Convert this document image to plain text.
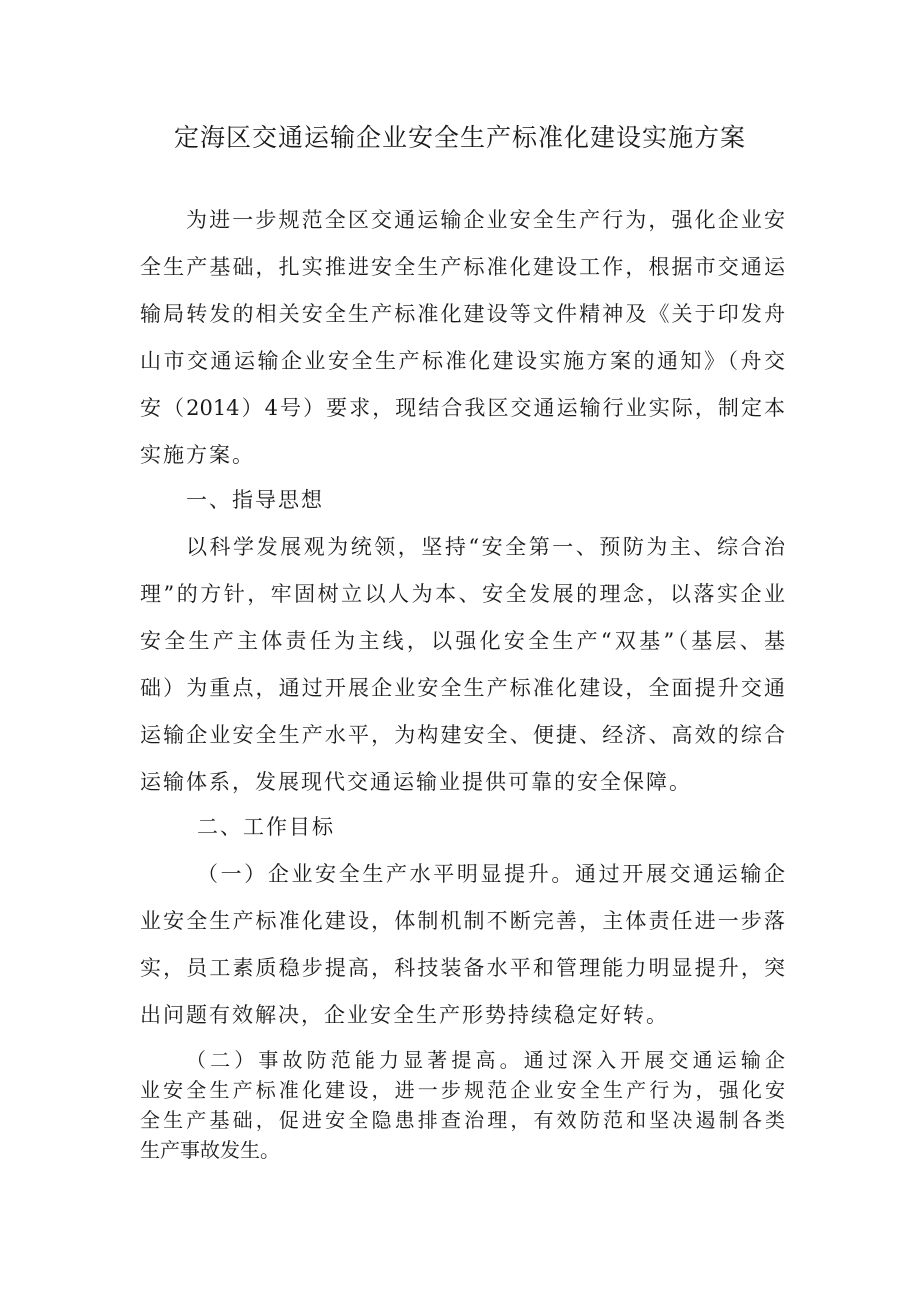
定海区交通运输企业安全生产标准化建设实施方案
为进一步规范全区交通运输企业安全生产行为，强化企业安
全生产基础，扎实推进安全生产标准化建设工作，根据市交通运
输局转发的相关安全生产标准化建设等文件精神及《关于印发舟
山市交通运输企业安全生产标准化建设实施方案的通知》（舟交
安（2014）4号）要求，现结合我区交通运输行业实际，制定本
实施方案。
一、指导思想
以科学发展观为统领，坚持“安全第一、预防为主、综合治
理”的方针，牢固树立以人为本、安全发展的理念，以落实企业
安全生产主体责任为主线，以强化安全生产“双基”（基层、基
础）为重点，通过开展企业安全生产标准化建设，全面提升交通
运输企业安全生产水平，为构建安全、便捷、经济、高效的综合
运输体系，发展现代交通运输业提供可靠的安全保障。
二、工作目标
（一）企业安全生产水平明显提升。通过开展交通运输企
业安全生产标准化建设，体制机制不断完善，主体责任进一步落
实，员工素质稳步提高，科技装备水平和管理能力明显提升，突
出问题有效解决，企业安全生产形势持续稳定好转。
（二）事故防范能力显著提高。通过深入开展交通运输企
业安全生产标准化建设，进一步规范企业安全生产行为，强化安
全生产基础，促进安全隐患排查治理，有效防范和坚决遏制各类
生产事故发生。
